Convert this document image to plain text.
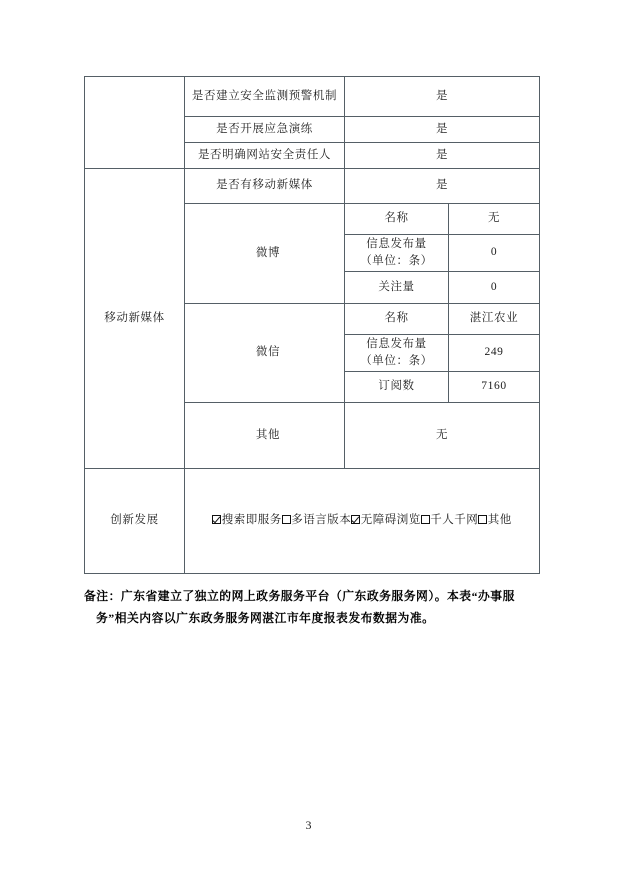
	是否建立安全监测预警机制	是	
	是否开展应急演练	是	
	是否明确网站安全责任人	是	
移动新媒体	是否有移动新媒体	是	
	微博	名称	无

		信息发布量
（单位：条）	0
		关注量	0
	微信	名称	湛江农业

		信息发布量
（单位：条）	249
		订阅数	7160
	其他	无	
创新发展	搜索即服务 多语言版本 无障碍浏览 千人千网 其他		
备注：广东省建立了独立的网上政务服务平台（广东政务服务网）。本表“办事服
务”相关内容以广东政务服务网湛江市年度报表发布数据为准。
3
